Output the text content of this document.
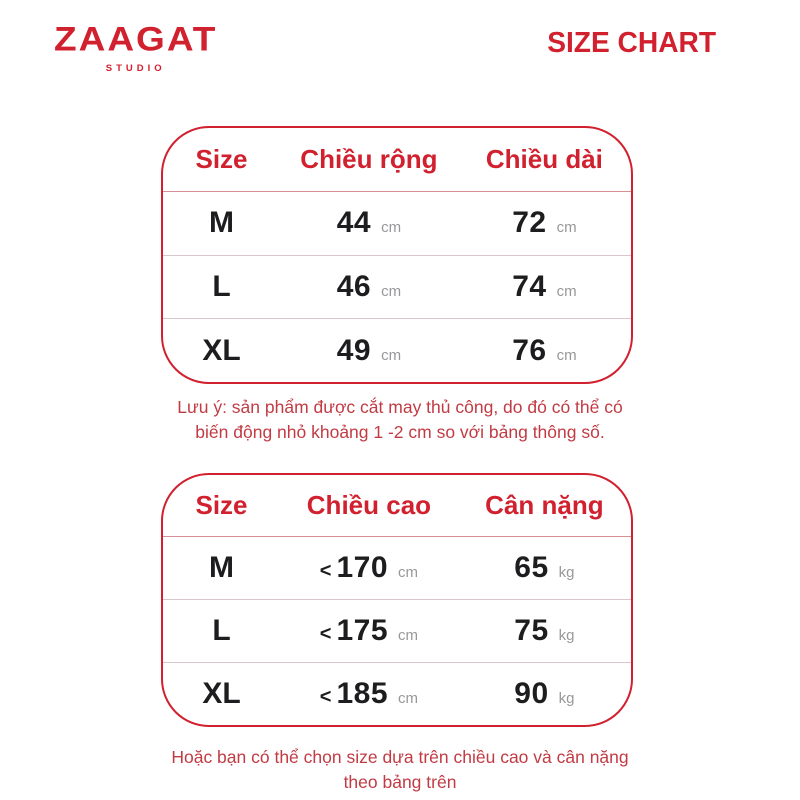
ZAAGAT
STUDIO
SIZE CHART
Size	Chiều rộng	Chiều dài
M	44 cm	72 cm
L	46 cm	74 cm
XL	49 cm	76 cm
Lưu ý: sản phẩm được cắt may thủ công, do đó có thể có
biến động nhỏ khoảng 1 -2 cm so với bảng thông số.
Size	Chiều cao	Cân nặng
M	< 170 cm	65 kg
L	< 175 cm	75 kg
XL	< 185 cm	90 kg
Hoặc bạn có thể chọn size dựa trên chiều cao và cân nặng
theo bảng trên
